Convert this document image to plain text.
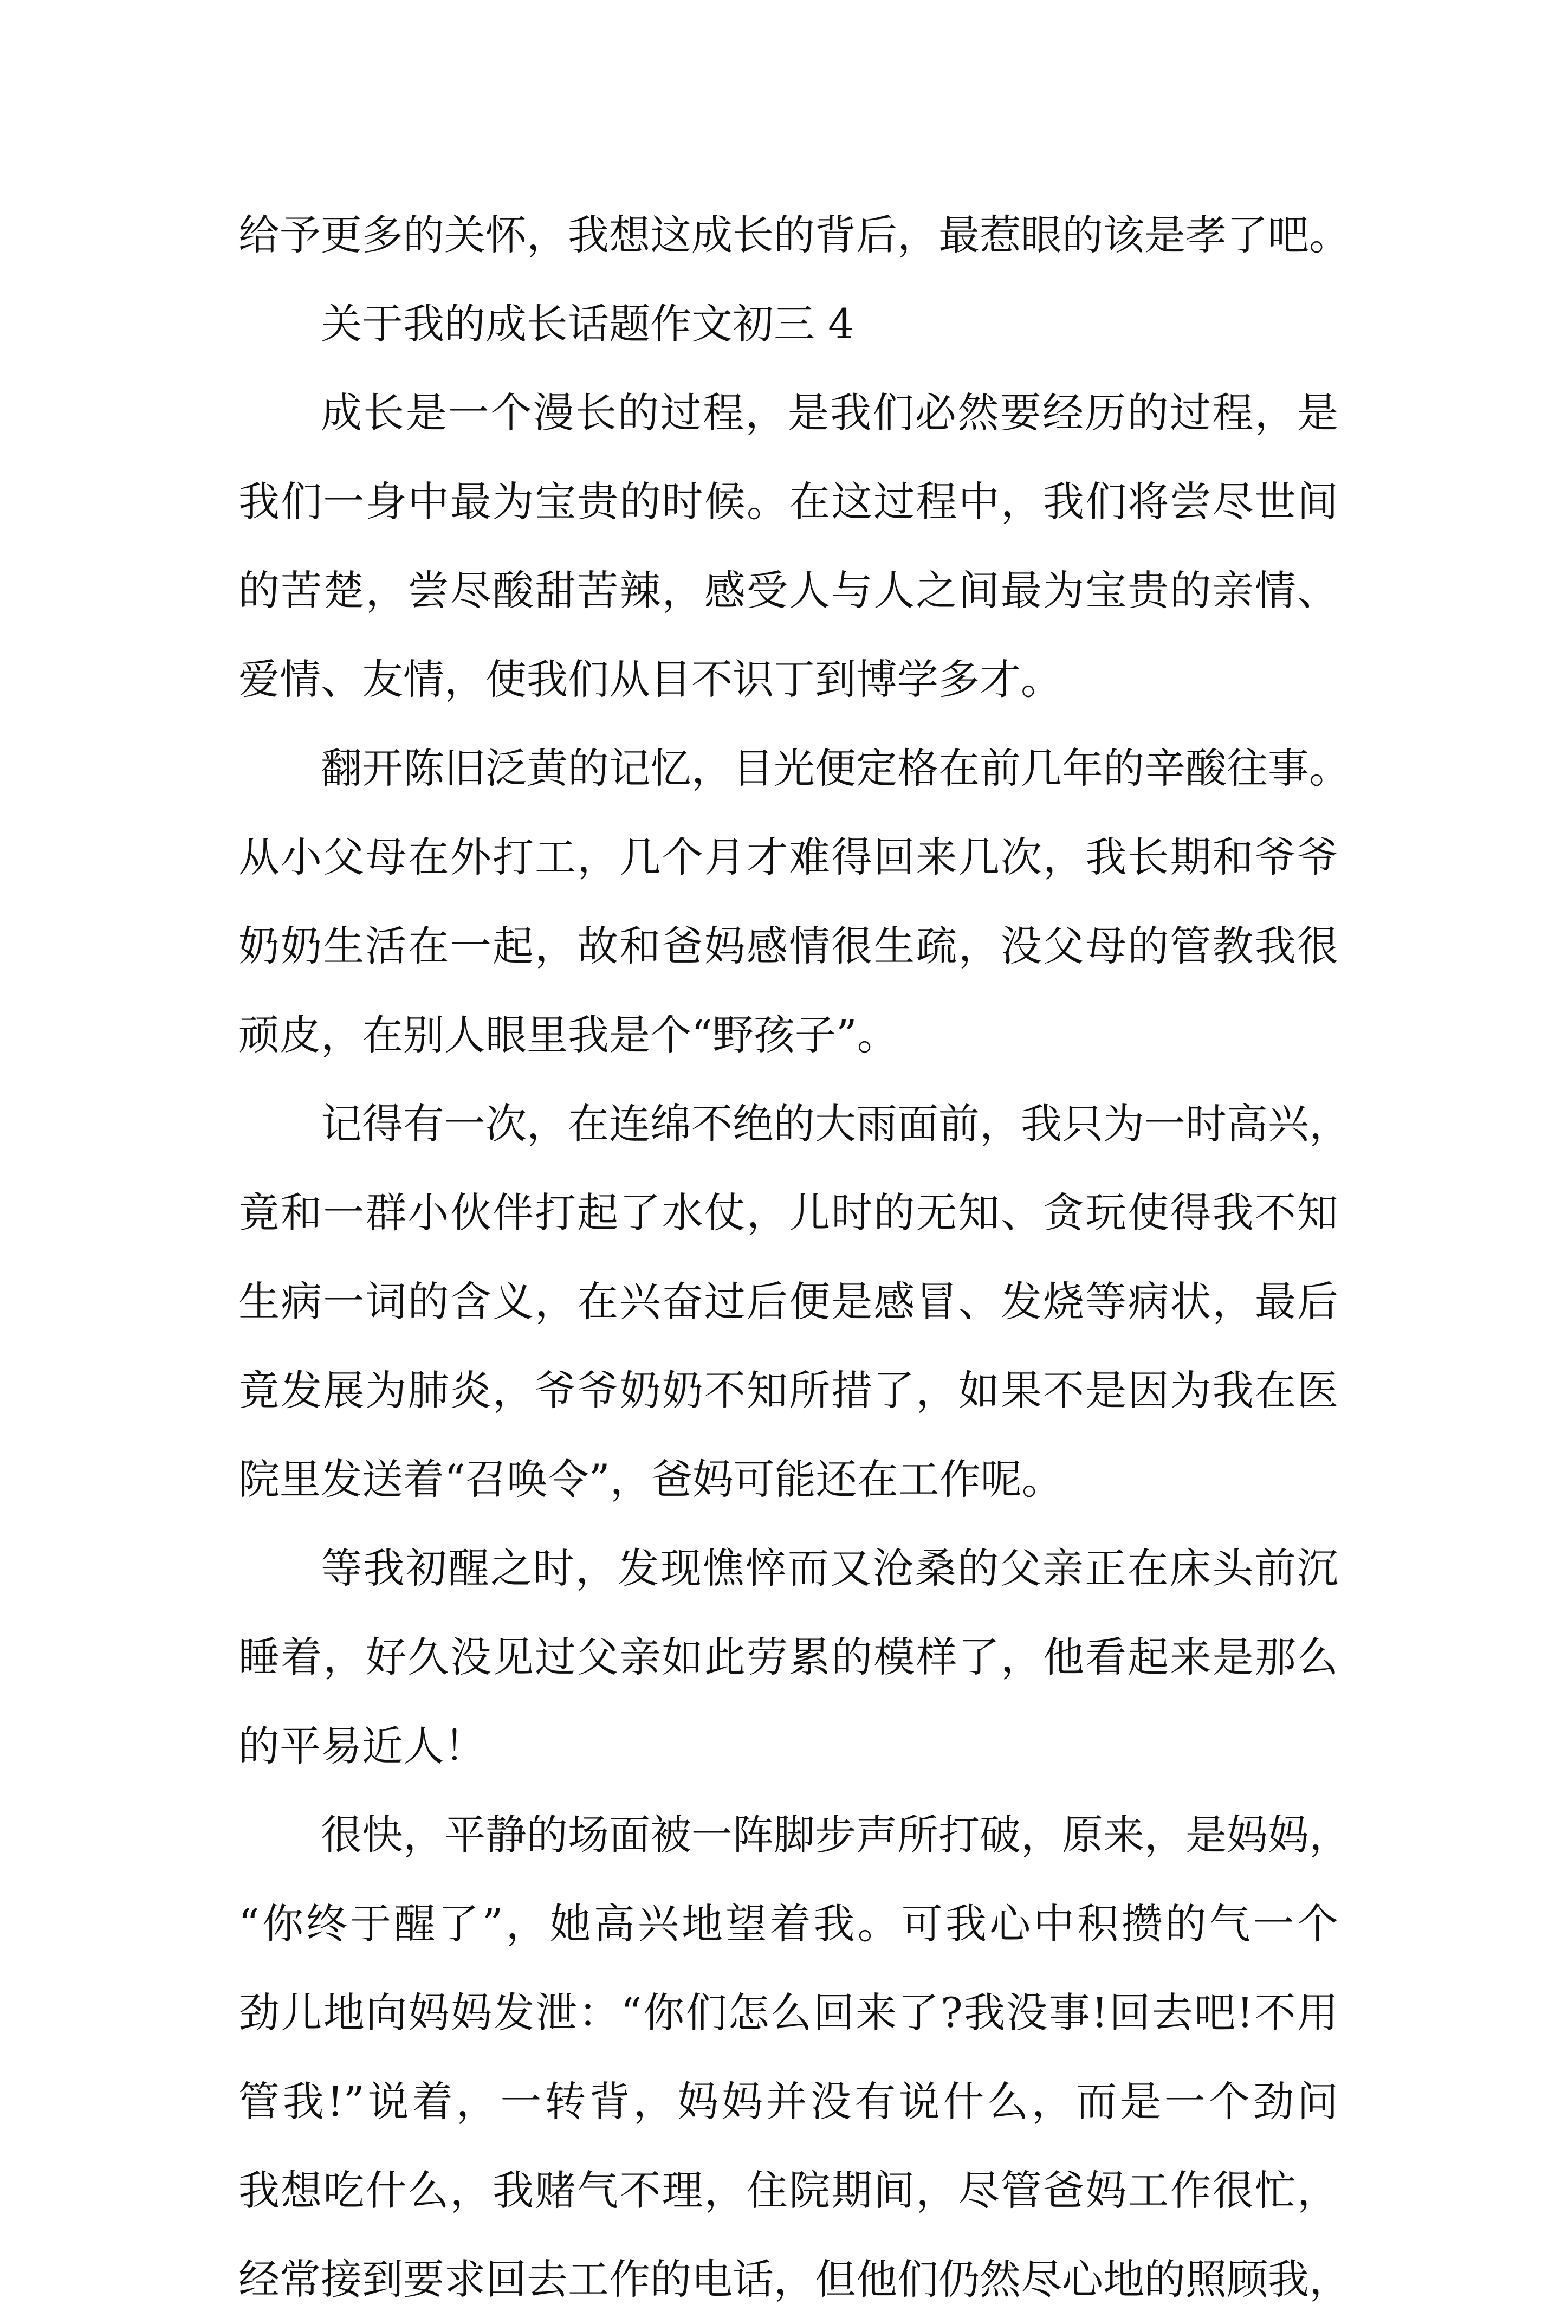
给予更多的关怀，我想这成长的背后，最惹眼的该是孝了吧。
关于我的成长话题作文初三 4
成长是一个漫长的过程，是我们必然要经历的过程，是
我们一身中最为宝贵的时候。在这过程中，我们将尝尽世间
的苦楚，尝尽酸甜苦辣，感受人与人之间最为宝贵的亲情、
爱情、友情，使我们从目不识丁到博学多才。
翻开陈旧泛黄的记忆，目光便定格在前几年的辛酸往事。
从小父母在外打工，几个月才难得回来几次，我长期和爷爷
奶奶生活在一起，故和爸妈感情很生疏，没父母的管教我很
顽皮，在别人眼里我是个“野孩子”。
记得有一次，在连绵不绝的大雨面前，我只为一时高兴，
竟和一群小伙伴打起了水仗，儿时的无知、贪玩使得我不知
生病一词的含义，在兴奋过后便是感冒、发烧等病状，最后
竟发展为肺炎，爷爷奶奶不知所措了，如果不是因为我在医
院里发送着“召唤令”，爸妈可能还在工作呢。
等我初醒之时，发现憔悴而又沧桑的父亲正在床头前沉
睡着，好久没见过父亲如此劳累的模样了，他看起来是那么
的平易近人！
很快，平静的场面被一阵脚步声所打破，原来，是妈妈，
“你终于醒了”，她高兴地望着我。可我心中积攒的气一个
劲儿地向妈妈发泄：“你们怎么回来了?我没事!回去吧!不用
管我!”说着，一转背，妈妈并没有说什么，而是一个劲问
我想吃什么，我赌气不理，住院期间，尽管爸妈工作很忙，
经常接到要求回去工作的电话，但他们仍然尽心地的照顾我，
